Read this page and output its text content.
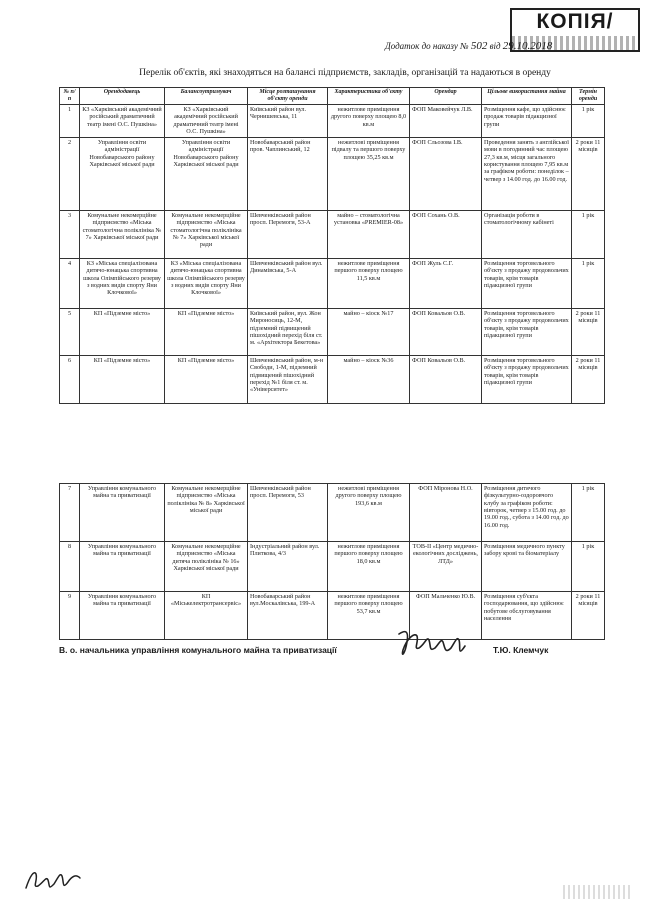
КОПІЯ/
Додаток до наказу № 502 від 29.10.2018
Перелік об'єктів, які знаходяться на балансі підприємств, закладів, організацій та надаються в оренду
№ п/п	Орендодавець	Балансоутримувач	Місце розташування об'єкту оренди	Характеристика об'єкту	Орендар	Цільове використання майна	Термін оренди
1	КЗ «Харківський академічний російський драматичний театр імені О.С. Пушкіна»	КЗ «Харківський академічний російський драматичний театр імені О.С. Пушкіна»	Київський район вул. Чернишевська, 11	нежитлове приміщення другого поверху площею 8,0 кв.м	ФОП Маковейчук Л.В.	Розміщення кафе, що здійснює продаж товарів підакцизної групи	1 рік
2	Управління освіти адміністрації Новобаварського району Харківської міської ради	Управління освіти адміністрації Новобаварського району Харківської міської ради	Новобаварський район пров. Чаплинський, 12	нежитлові приміщення підвалу та першого поверху площею 35,25 кв.м	ФОП Сльозова І.В.	Проведення занять з англійської мови в погодинний час площею 27,3 кв.м, місця загального користування площею 7,95 кв.м за графіком роботи: понеділок – четвер з 14.00 год. до 16.00 год.	2 роки 11 місяців
3	Комунальне некомерційне підприємство «Міська стоматологічна поліклініка № 7» Харківської міської ради	Комунальне некомерційне підприємство «Міська стоматологічна поліклініка № 7» Харківської міської ради	Шевченківський район просп. Перемоги, 53-А	майно – стоматологічна установка «PREMIER-08»	ФОП Сохань О.В.	Організація роботи в стоматологічному кабінеті	1 рік
4	КЗ «Міська спеціалізована дитячо-юнацька спортивна школа Олімпійського резерву з водних видів спорту Яни Клочкової»	КЗ «Міська спеціалізована дитячо-юнацька спортивна школа Олімпійського резерву з водних видів спорту Яни Клочкової»	Шевченківський район вул. Динамівська, 5-А	нежитлове приміщення першого поверху площею 11,5 кв.м	ФОП Жуль С.Г.	Розміщення торговельного об'єкту з продажу продовольчих товарів, крім товарів підакцизної групи	1 рік
5	КП «Підземне місто»	КП «Підземне місто»	Київський район, вул. Жон Мироносиць, 12-М, підземний підвищений пішохідний перехід біля ст. м. «Архітектора Бекетова»	майно – кіоск №17	ФОП Ковальов О.В.	Розміщення торговельного об'єкту з продажу продовольчих товарів, крім товарів підакцизної групи	2 роки 11 місяців
6	КП «Підземне місто»	КП «Підземне місто»	Шевченківський район, м-н Свободи, 1-М, підземний підвищений пішохідний перехід №1 біля ст. м. «Університет»	майно – кіоск №36	ФОП Ковальов О.В.	Розміщення торговельного об'єкту з продажу продовольчих товарів, крім товарів підакцизної групи	2 роки 11 місяців
7	Управління комунального майна та приватизації	Комунальне некомерційне підприємство «Міська поліклініка № 8» Харківської міської ради	Шевченківський район просп. Перемоги, 53	нежитлові приміщення другого поверху площею 193,6 кв.м	ФОП Міронова Н.О.	Розміщення дитячого фізкультурно-оздоровчого клубу за графіком роботи: вівторок, четвер з 15.00 год. до 19.00 год., субота з 14.00 год. до 16.00 год.	1 рік
8	Управління комунального майна та приватизації	Комунальне некомерційне підприємство «Міська дитяча поліклініка № 16» Харківської міської ради	Індустріальний район вул. Плиткова, 4/3	нежитлове приміщення першого поверху площею 18,0 кв.м	ТОВ-II «Центр медично-екологічних досліджень, ЛТД»	Розміщення медичного пункту забору крові та біоматеріалу	1 рік
9	Управління комунального майна та приватизації	КП «Міськелектротрансервіс»	Новобаварський район вул.Москалівська, 199-А	нежитлове приміщення першого поверху площею 53,7 кв.м	ФОП Мальченко Ю.В.	Розміщення суб'єкта господарювання, що здійснює побутове обслуговування населення	2 роки 11 місяців
В. о. начальника управління комунального майна та приватизації	Т.Ю. Клемчук
